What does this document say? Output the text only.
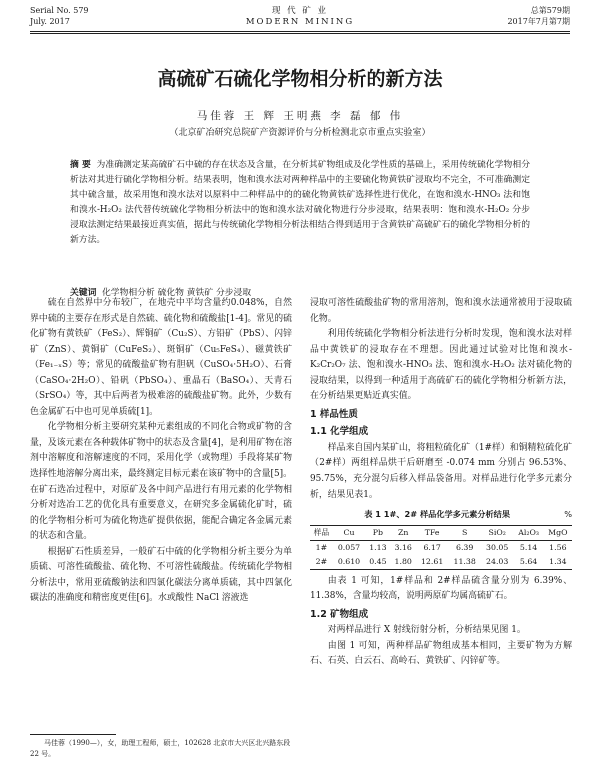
Serial No. 579
July. 2017
现 代 矿 业
MODERN MINING
总第579期
2017年7月第7期
高硫矿石硫化学物相分析的新方法
马佳蓉 王 辉 王明燕 李 磊 郁 伟
（北京矿冶研究总院矿产资源评价与分析检测北京市重点实验室）
摘 要 为准确测定某高硫矿石中硫的存在状态及含量，在分析其矿物组成及化学性质的基础上，采用传统硫化学物相分析法对其进行硫化学物相分析。结果表明，饱和溴水法对两种样品中的主要硫化物黄铁矿浸取均不完全，不可准确测定其中硫含量，故采用饱和溴水法对以原料中二种样品中的的硫化物黄铁矿选择性进行优化，在饱和溴水-HNO₃ 法和饱和溴水-H₂O₂ 法代替传统硫化学物相分析法中的饱和溴水法对硫化物进行分步浸取，结果表明：饱和溴水-H₂O₂ 分步浸取法测定结果最接近真实值，据此与传统硫化学物相分析法相结合得到适用于含黄铁矿高硫矿石的硫化学物相分析的新方法。
关键词 化学物相分析 硫化物 黄铁矿 分步浸取

硫在自然界中分布较广，在地壳中平均含量约0.048%，自然界中硫的主要存在形式是自然硫、硫化物和硫酸盐[1-4]。常见的硫化矿物有黄铁矿（FeS₂）、辉铜矿（Cu₂S）、方铅矿（PbS）、闪锌矿（ZnS）、黄铜矿（CuFeS₂）、斑铜矿（Cu₅FeS₄）、磁黄铁矿（Fe₁₋ₓS）等；常见的硫酸盐矿物有胆矾（CuSO₄·5H₂O）、石膏（CaSO₄·2H₂O）、铅矾（PbSO₄）、重晶石（BaSO₄）、天青石（SrSO₄）等，其中后两者为极难溶的硫酸盐矿物。此外，少数有色金属矿石中也可见单质硫[1]。

化学物相分析主要研究某种元素组成的不同化合物或矿物的含量，及该元素在各种载体矿物中的状态及含量[4]，是利用矿物在溶剂中溶解度和溶解速度的不同，采用化学（或物理）手段将某矿物选择性地溶解分离出来，最终测定目标元素在该矿物中的含量[5]。在矿石选冶过程中，对原矿及各中间产品进行有用元素的化学物相分析对选冶工艺的优化具有重要意义，在研究多金属硫化矿时，硫的化学物相分析可为硫化物选矿提供依据，能配合确定各金属元素的状态和含量。

根据矿石性质差异，一般矿石中硫的化学物相分析主要分为单质硫、可溶性硫酸盐、硫化物、不可溶性硫酸盐。传统硫化学物相分析法中，常用亚硫酸钠法和四氯化碳法分离单质硫，其中四氯化碳法的准确度和精密度更佳[6]。水或酸性 NaCl 溶液选

浸取可溶性硫酸盐矿物的常用溶剂，饱和溴水法通常被用于浸取硫化物。

利用传统硫化学物相分析法进行分析时发现，饱和溴水法对样品中黄铁矿的浸取存在不理想。因此通过试验对比饱和溴水-K₂Cr₂O₇ 法、饱和溴水-HNO₃ 法、饱和溴水-H₂O₂ 法对硫化物的浸取结果，以得到一种适用于高硫矿石的硫化学物相分析新方法，在分析结果更贴近真实值。

1 样品性质
1.1 化学组成

样品来自国内某矿山，将粗粒硫化矿（1#样）和铜精粒硫化矿（2#样）两组样品烘干后研磨至 -0.074 mm 分别占 96.53%、95.75%，充分混匀后移入样品袋备用。对样品进行化学多元素分析，结果见表1。

表 1 1#、2# 样品化学多元素分析结果	%
样品	Cu	Pb	Zn	TFe	S	SiO₂	Al₂O₃	MgO
1#	0.057	1.13	3.16	6.17	6.39	30.05	5.14	1.56
2#	0.610	0.45	1.80	12.61	11.38	24.03	5.64	1.34

由表 1 可知，1#样品和 2#样品硫含量分别为 6.39%、11.38%，含量均较高，说明两原矿均属高硫矿石。

1.2 矿物组成

对两样品进行 X 射线衍射分析，分析结果见图 1。

由图 1 可知，两种样品矿物组成基本相同，主要矿物为方解石、石英、白云石、高岭石、黄铁矿、闪锌矿等。

马佳蓉（1990—），女，助理工程师，硕士，102628 北京市大兴区北兴路东段 22 号。
